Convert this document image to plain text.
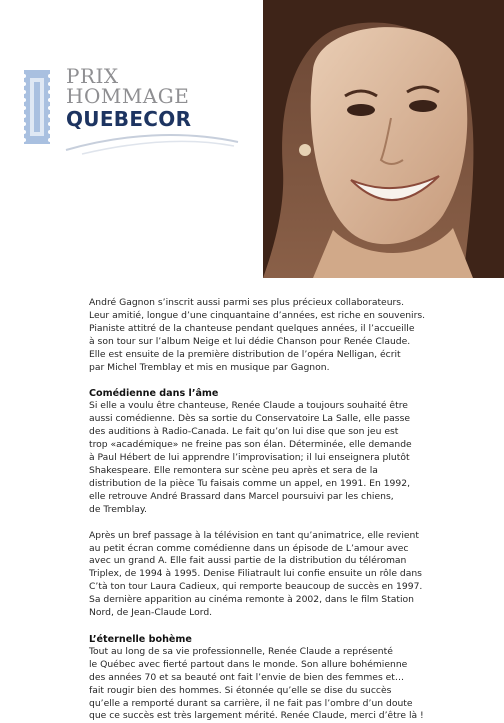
PRIX
HOMMAGE
QUEBECOR
André Gagnon s’inscrit aussi parmi ses plus précieux collaborateurs.
Leur amitié, longue d’une cinquantaine d’années, est riche en souvenirs.
Pianiste attitré de la chanteuse pendant quelques années, il l’accueille
à son tour sur l’album Neige et lui dédie Chanson pour Renée Claude.
Elle est ensuite de la première distribution de l’opéra Nelligan, écrit
par Michel Tremblay et mis en musique par Gagnon.
Comédienne dans l’âme
Si elle a voulu être chanteuse, Renée Claude a toujours souhaité être
aussi comédienne. Dès sa sortie du Conservatoire La Salle, elle passe
des auditions à Radio-Canada. Le fait qu’on lui dise que son jeu est
trop «académique» ne freine pas son élan. Déterminée, elle demande
à Paul Hébert de lui apprendre l’improvisation; il lui enseignera plutôt
Shakespeare. Elle remontera sur scène peu après et sera de la
distribution de la pièce Tu faisais comme un appel, en 1991. En 1992,
elle retrouve André Brassard dans Marcel poursuivi par les chiens,
de Tremblay.
Après un bref passage à la télévision en tant qu’animatrice, elle revient
au petit écran comme comédienne dans un épisode de L’amour avec
avec un grand A. Elle fait aussi partie de la distribution du téléroman
Triplex, de 1994 à 1995. Denise Filiatrault lui confie ensuite un rôle dans
C’tà ton tour Laura Cadieux, qui remporte beaucoup de succès en 1997.
Sa dernière apparition au cinéma remonte à 2002, dans le film Station
Nord, de Jean-Claude Lord.
L’éternelle bohème
Tout au long de sa vie professionnelle, Renée Claude a représenté
le Québec avec fierté partout dans le monde. Son allure bohémienne
des années 70 et sa beauté ont fait l’envie de bien des femmes et…
fait rougir bien des hommes. Si étonnée qu’elle se dise du succès
qu’elle a remporté durant sa carrière, il ne fait pas l’ombre d’un doute
que ce succès est très largement mérité. Renée Claude, merci d’être là !
